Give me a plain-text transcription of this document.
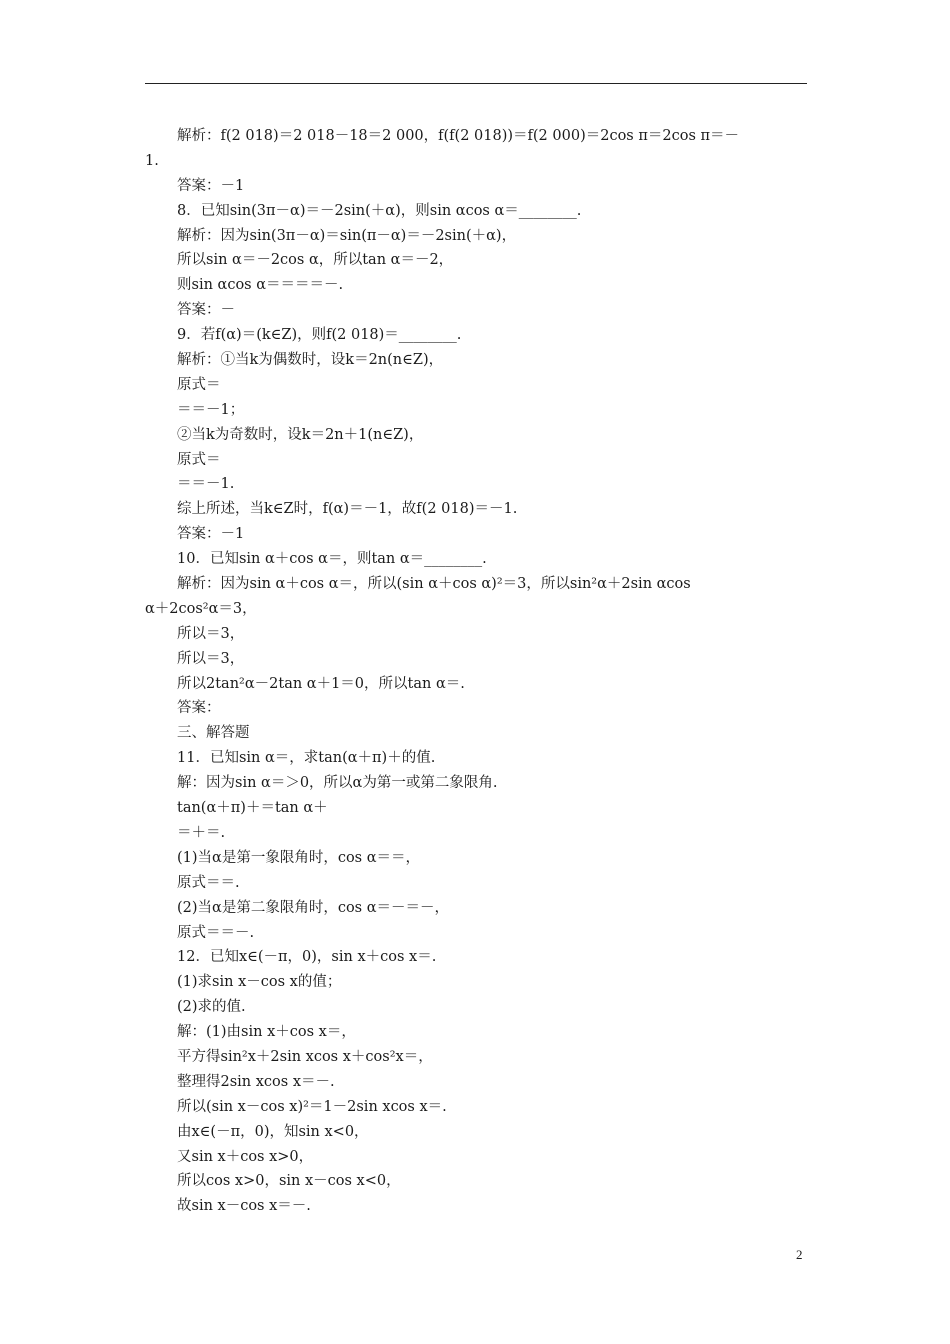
解析：f(2 018)＝2 018－18＝2 000，f(f(2 018))＝f(2 000)＝2cos π＝2cos π＝－
1.
答案：－1
8．已知sin(3π－α)＝－2sin(＋α)，则sin αcos α＝________.
解析：因为sin(3π－α)＝sin(π－α)＝－2sin(＋α)，
所以sin α＝－2cos α，所以tan α＝－2，
则sin αcos α＝＝＝＝－.
答案：－
9．若f(α)＝(k∈Z)，则f(2 018)＝________.
解析：①当k为偶数时，设k＝2n(n∈Z)，
原式＝
＝＝－1；
②当k为奇数时，设k＝2n＋1(n∈Z)，
原式＝
＝＝－1.
综上所述，当k∈Z时，f(α)＝－1，故f(2 018)＝－1.
答案：－1
10．已知sin α＋cos α＝，则tan α＝________.
解析：因为sin α＋cos α＝，所以(sin α＋cos α)²＝3，所以sin²α＋2sin αcos
α＋2cos²α＝3，
所以＝3，
所以＝3，
所以2tan²α－2tan α＋1＝0，所以tan α＝.
答案：
三、解答题
11．已知sin α＝，求tan(α＋π)＋的值.
解：因为sin α＝＞0，所以α为第一或第二象限角.
tan(α＋π)＋＝tan α＋
＝＋＝.
(1)当α是第一象限角时，cos α＝＝，
原式＝＝.
(2)当α是第二象限角时，cos α＝－＝－，
原式＝＝－.
12．已知x∈(－π，0)，sin x＋cos x＝.
(1)求sin x－cos x的值；
(2)求的值.
解：(1)由sin x＋cos x＝，
平方得sin²x＋2sin xcos x＋cos²x＝，
整理得2sin xcos x＝－.
所以(sin x－cos x)²＝1－2sin xcos x＝.
由x∈(－π，0)，知sin x<0，
又sin x＋cos x>0，
所以cos x>0，sin x－cos x<0，
故sin x－cos x＝－.
2
